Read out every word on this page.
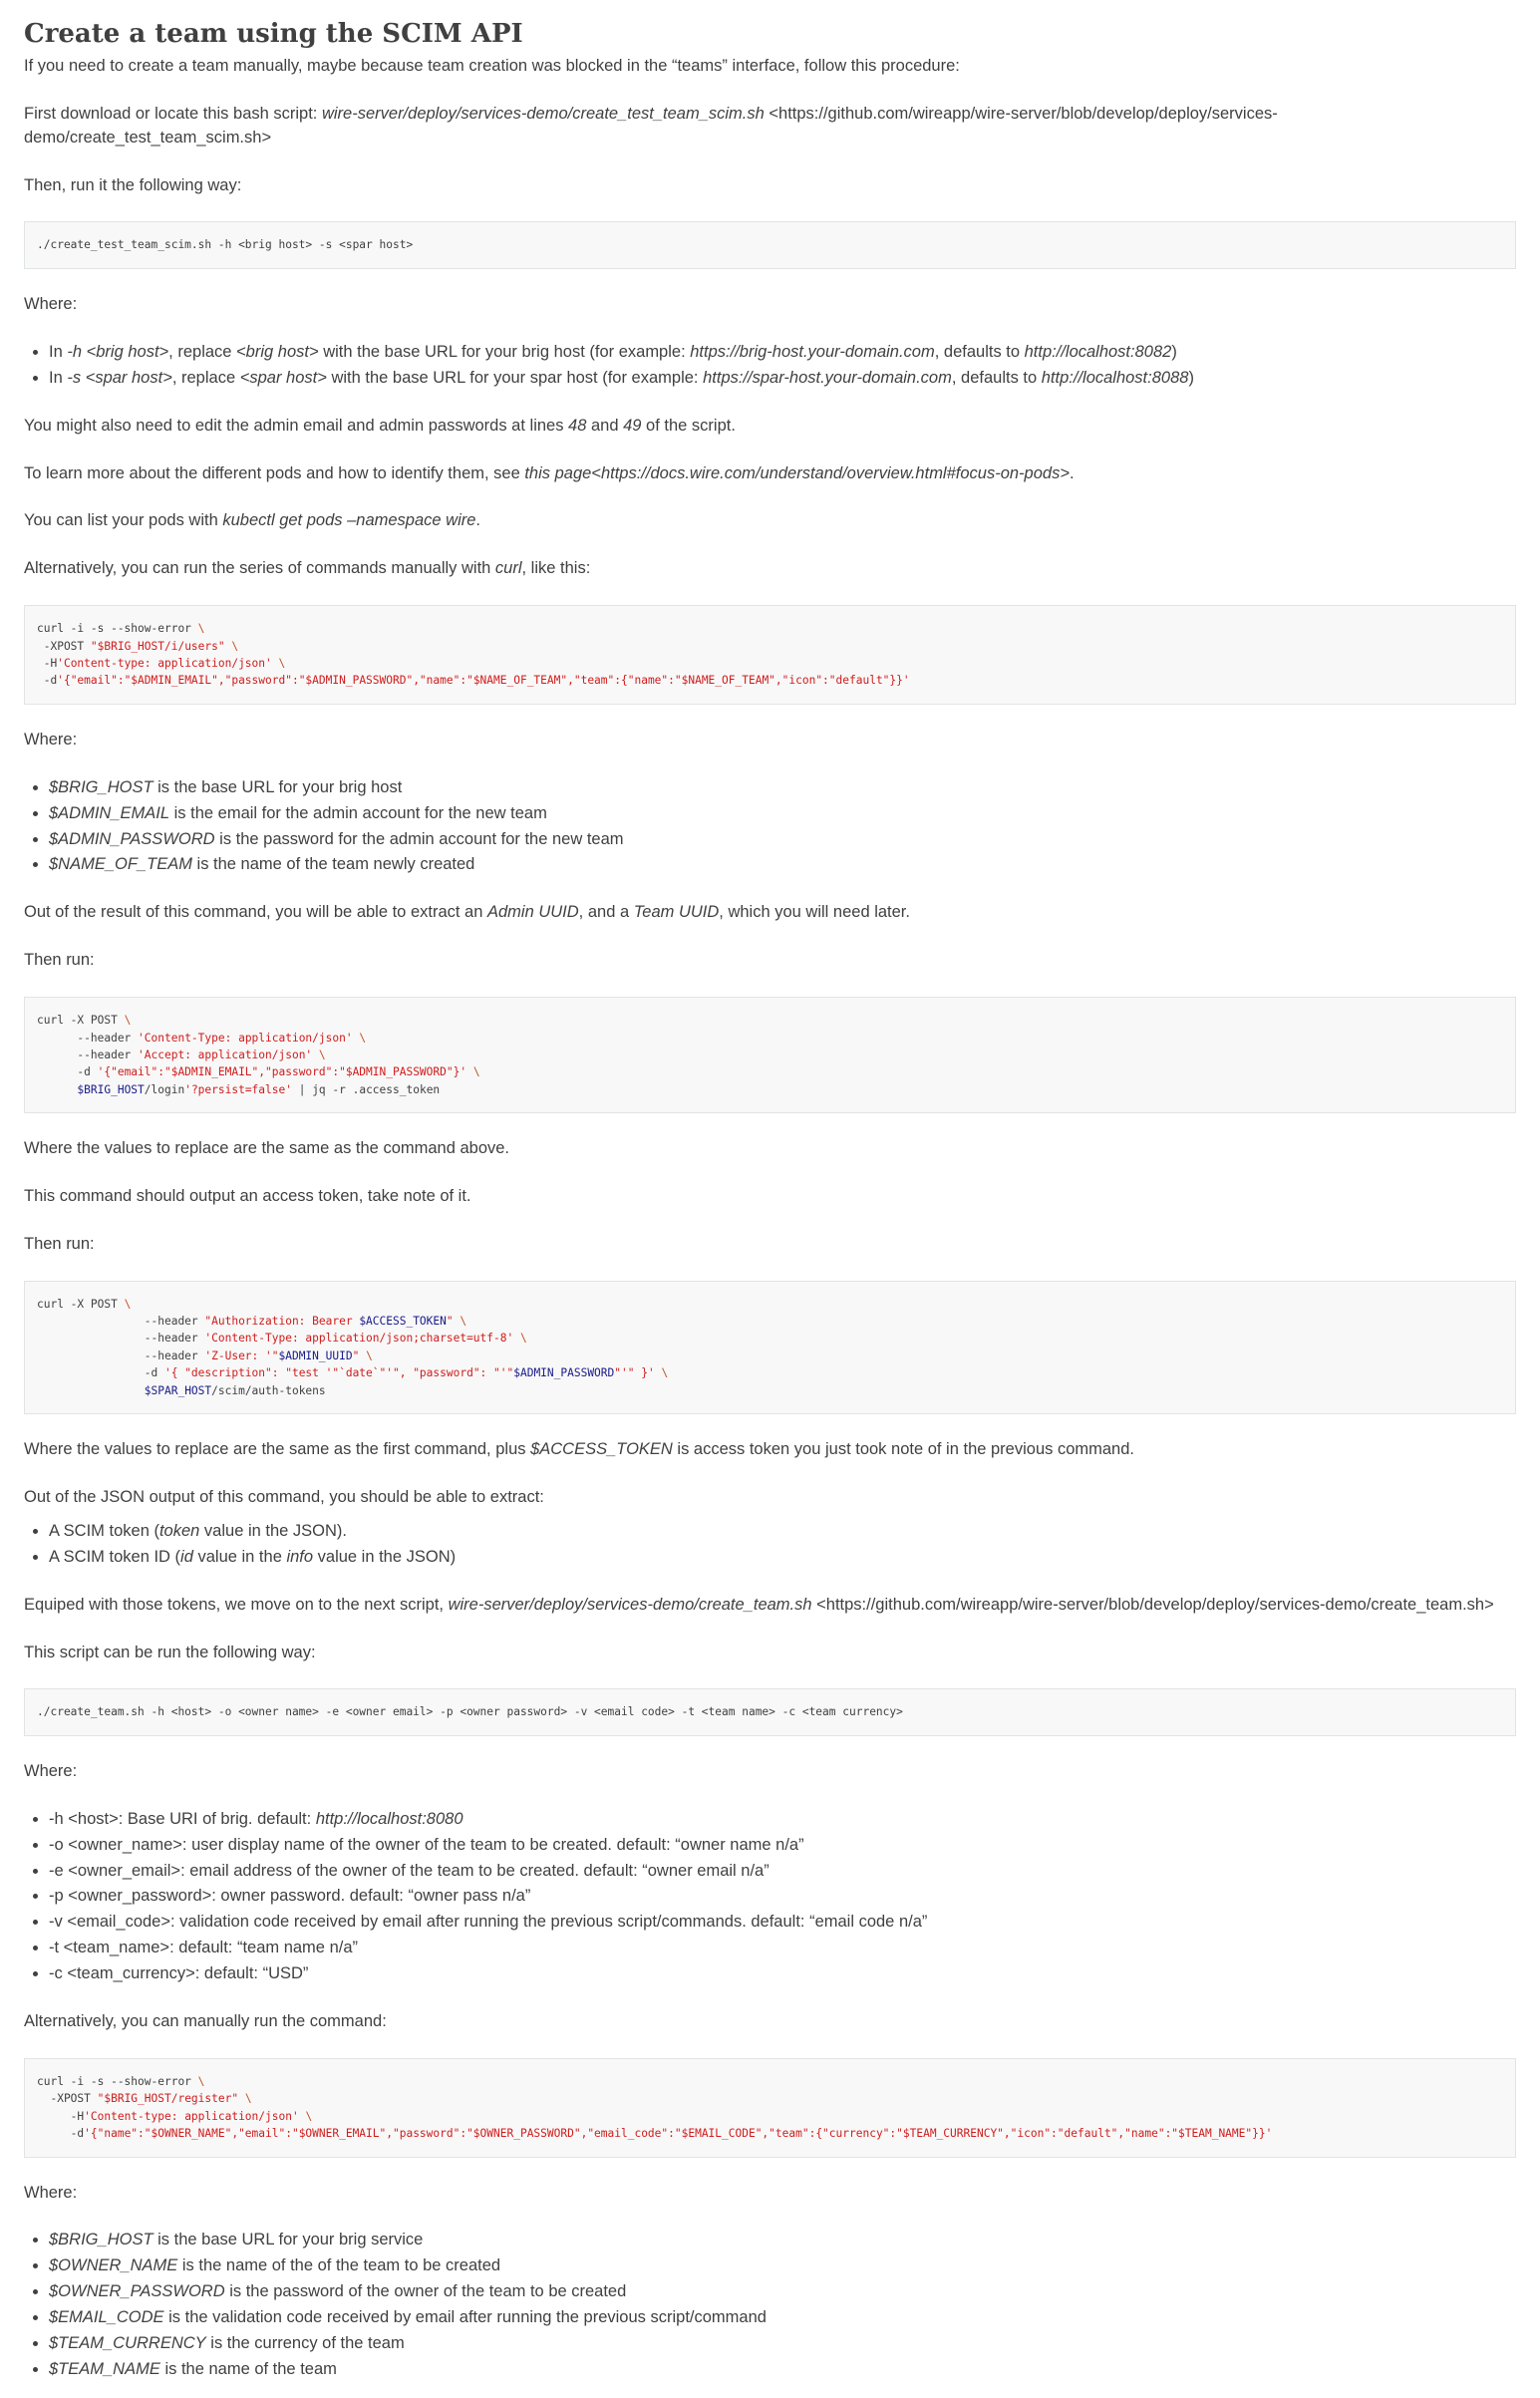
Create a team using the SCIM API

If you need to create a team manually, maybe because team creation was blocked in the “teams” interface, follow this procedure:

First download or locate this bash script: wire-server/deploy/services-demo/create_test_team_scim.sh <https://github.com/wireapp/wire-server/blob/develop/deploy/services-demo/create_test_team_scim.sh>

Then, run it the following way:

./create_test_team_scim.sh -h <brig host> -s <spar host>

Where:

• In -h <brig host>, replace <brig host> with the base URL for your brig host (for example: https://brig-host.your-domain.com, defaults to http://localhost:8082)
• In -s <spar host>, replace <spar host> with the base URL for your spar host (for example: https://spar-host.your-domain.com, defaults to http://localhost:8088)

You might also need to edit the admin email and admin passwords at lines 48 and 49 of the script.

To learn more about the different pods and how to identify them, see this page<https://docs.wire.com/understand/overview.html#focus-on-pods>.

You can list your pods with kubectl get pods –namespace wire.

Alternatively, you can run the series of commands manually with curl, like this:

curl -i -s --show-error \
-XPOST "$BRIG_HOST/i/users" \
-H'Content-type: application/json' \
-d'{"email":"$ADMIN_EMAIL","password":"$ADMIN_PASSWORD","name":"$NAME_OF_TEAM","team":{"name":"$NAME_OF_TEAM","icon":"default"}}'

Where:

• $BRIG_HOST is the base URL for your brig host
• $ADMIN_EMAIL is the email for the admin account for the new team
• $ADMIN_PASSWORD is the password for the admin account for the new team
• $NAME_OF_TEAM is the name of the team newly created

Out of the result of this command, you will be able to extract an Admin UUID, and a Team UUID, which you will need later.

Then run:

curl -X POST \
--header 'Content-Type: application/json' \
--header 'Accept: application/json' \
-d '{"email":"$ADMIN_EMAIL","password":"$ADMIN_PASSWORD"}' \
$BRIG_HOST/login'?persist=false' | jq -r .access_token

Where the values to replace are the same as the command above.

This command should output an access token, take note of it.

Then run:

curl -X POST \
--header "Authorization: Bearer $ACCESS_TOKEN" \
--header 'Content-Type: application/json;charset=utf-8' \
--header 'Z-User: '"$ADMIN_UUID" \
-d '{ "description": "test '"`date`"'", "password": "'"$ADMIN_PASSWORD"'" }' \
$SPAR_HOST/scim/auth-tokens

Where the values to replace are the same as the first command, plus $ACCESS_TOKEN is access token you just took note of in the previous command.

Out of the JSON output of this command, you should be able to extract:

• A SCIM token (token value in the JSON).
• A SCIM token ID (id value in the info value in the JSON)

Equiped with those tokens, we move on to the next script, wire-server/deploy/services-demo/create_team.sh <https://github.com/wireapp/wire-server/blob/develop/deploy/services-demo/create_team.sh>

This script can be run the following way:

./create_team.sh -h <host> -o <owner name> -e <owner email> -p <owner password> -v <email code> -t <team name> -c <team currency>

Where:

• -h <host>: Base URI of brig. default: http://localhost:8080
• -o <owner_name>: user display name of the owner of the team to be created. default: “owner name n/a”
• -e <owner_email>: email address of the owner of the team to be created. default: “owner email n/a”
• -p <owner_password>: owner password. default: “owner pass n/a”
• -v <email_code>: validation code received by email after running the previous script/commands. default: “email code n/a”
• -t <team_name>: default: “team name n/a”
• -c <team_currency>: default: “USD”

Alternatively, you can manually run the command:

curl -i -s --show-error \
-XPOST "$BRIG_HOST/register" \
-H'Content-type: application/json' \
-d'{"name":"$OWNER_NAME","email":"$OWNER_EMAIL","password":"$OWNER_PASSWORD","email_code":"$EMAIL_CODE","team":{"currency":"$TEAM_CURRENCY","icon":"default","name":"$TEAM_NAME"}}'

Where:

• $BRIG_HOST is the base URL for your brig service
• $OWNER_NAME is the name of the of the team to be created
• $OWNER_PASSWORD is the password of the owner of the team to be created
• $EMAIL_CODE is the validation code received by email after running the previous script/command
• $TEAM_CURRENCY is the currency of the team
• $TEAM_NAME is the name of the team
